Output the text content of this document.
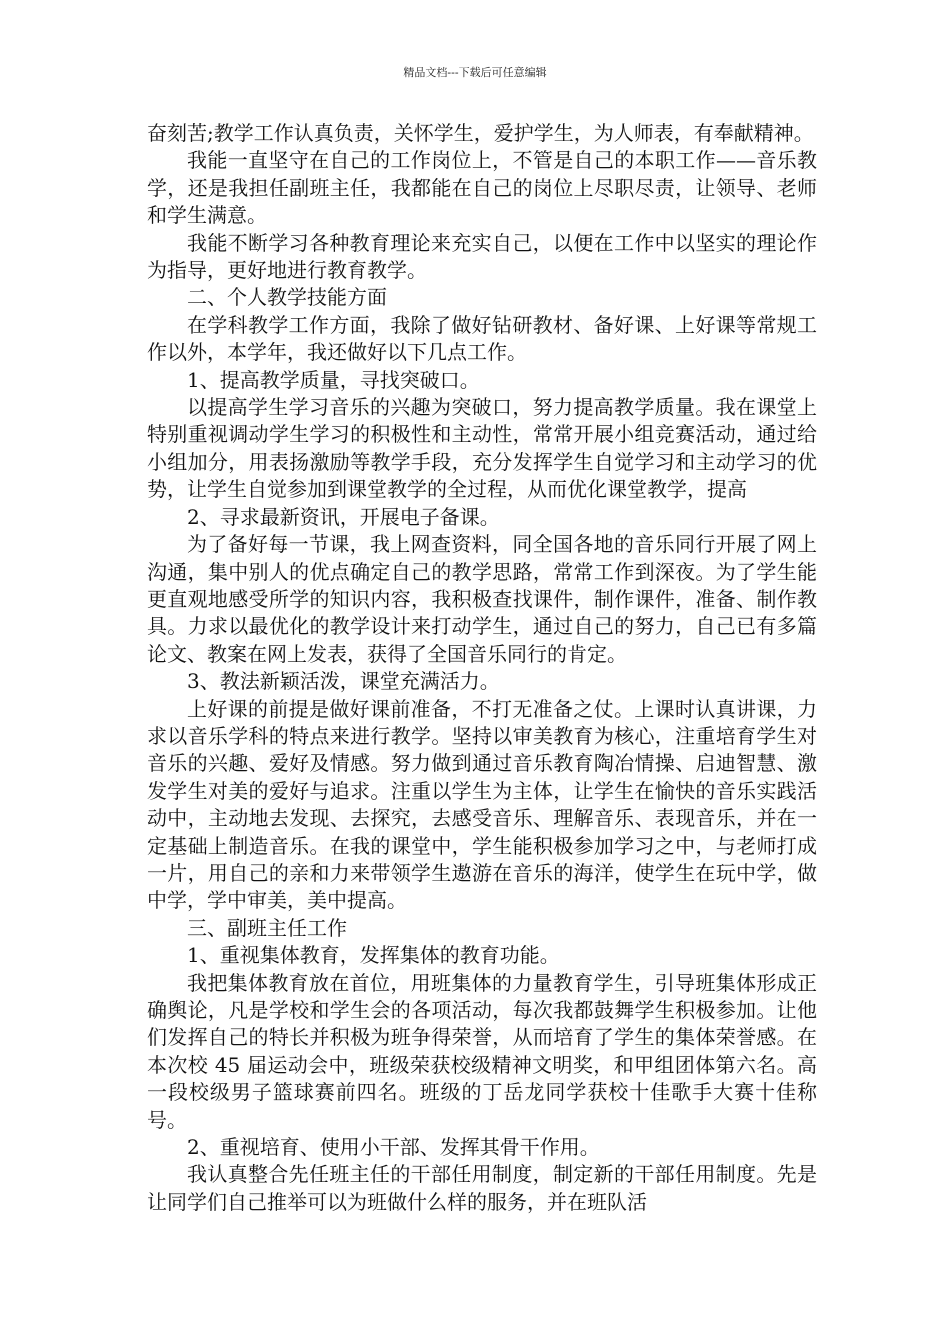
精品文档---下载后可任意编辑

奋刻苦;教学工作认真负责，关怀学生，爱护学生，为人师表，有奉献精神。

我能一直坚守在自己的工作岗位上，不管是自己的本职工作——音乐教学，还是我担任副班主任，我都能在自己的岗位上尽职尽责，让领导、老师和学生满意。

我能不断学习各种教育理论来充实自己，以便在工作中以坚实的理论作为指导，更好地进行教育教学。

二、个人教学技能方面

在学科教学工作方面，我除了做好钻研教材、备好课、上好课等常规工作以外，本学年，我还做好以下几点工作。

1、提高教学质量，寻找突破口。

以提高学生学习音乐的兴趣为突破口，努力提高教学质量。我在课堂上特别重视调动学生学习的积极性和主动性，常常开展小组竞赛活动，通过给小组加分，用表扬激励等教学手段，充分发挥学生自觉学习和主动学习的优势，让学生自觉参加到课堂教学的全过程，从而优化课堂教学，提高

2、寻求最新资讯，开展电子备课。

为了备好每一节课，我上网查资料，同全国各地的音乐同行开展了网上沟通，集中别人的优点确定自己的教学思路，常常工作到深夜。为了学生能更直观地感受所学的知识内容，我积极查找课件，制作课件，准备、制作教具。力求以最优化的教学设计来打动学生，通过自己的努力，自己已有多篇论文、教案在网上发表，获得了全国音乐同行的肯定。

3、教法新颖活泼，课堂充满活力。

上好课的前提是做好课前准备，不打无准备之仗。上课时认真讲课，力求以音乐学科的特点来进行教学。坚持以审美教育为核心，注重培育学生对音乐的兴趣、爱好及情感。努力做到通过音乐教育陶冶情操、启迪智慧、激发学生对美的爱好与追求。注重以学生为主体，让学生在愉快的音乐实践活动中，主动地去发现、去探究，去感受音乐、理解音乐、表现音乐，并在一定基础上制造音乐。在我的课堂中，学生能积极参加学习之中，与老师打成一片，用自己的亲和力来带领学生遨游在音乐的海洋，使学生在玩中学，做中学，学中审美，美中提高。

三、副班主任工作

1、重视集体教育，发挥集体的教育功能。

我把集体教育放在首位，用班集体的力量教育学生，引导班集体形成正确舆论，凡是学校和学生会的各项活动，每次我都鼓舞学生积极参加。让他们发挥自己的特长并积极为班争得荣誉，从而培育了学生的集体荣誉感。在本次校 45 届运动会中，班级荣获校级精神文明奖，和甲组团体第六名。高一段校级男子篮球赛前四名。班级的丁岳龙同学获校十佳歌手大赛十佳称号。

2、重视培育、使用小干部、发挥其骨干作用。

我认真整合先任班主任的干部任用制度，制定新的干部任用制度。先是让同学们自己推举可以为班做什么样的服务，并在班队活
